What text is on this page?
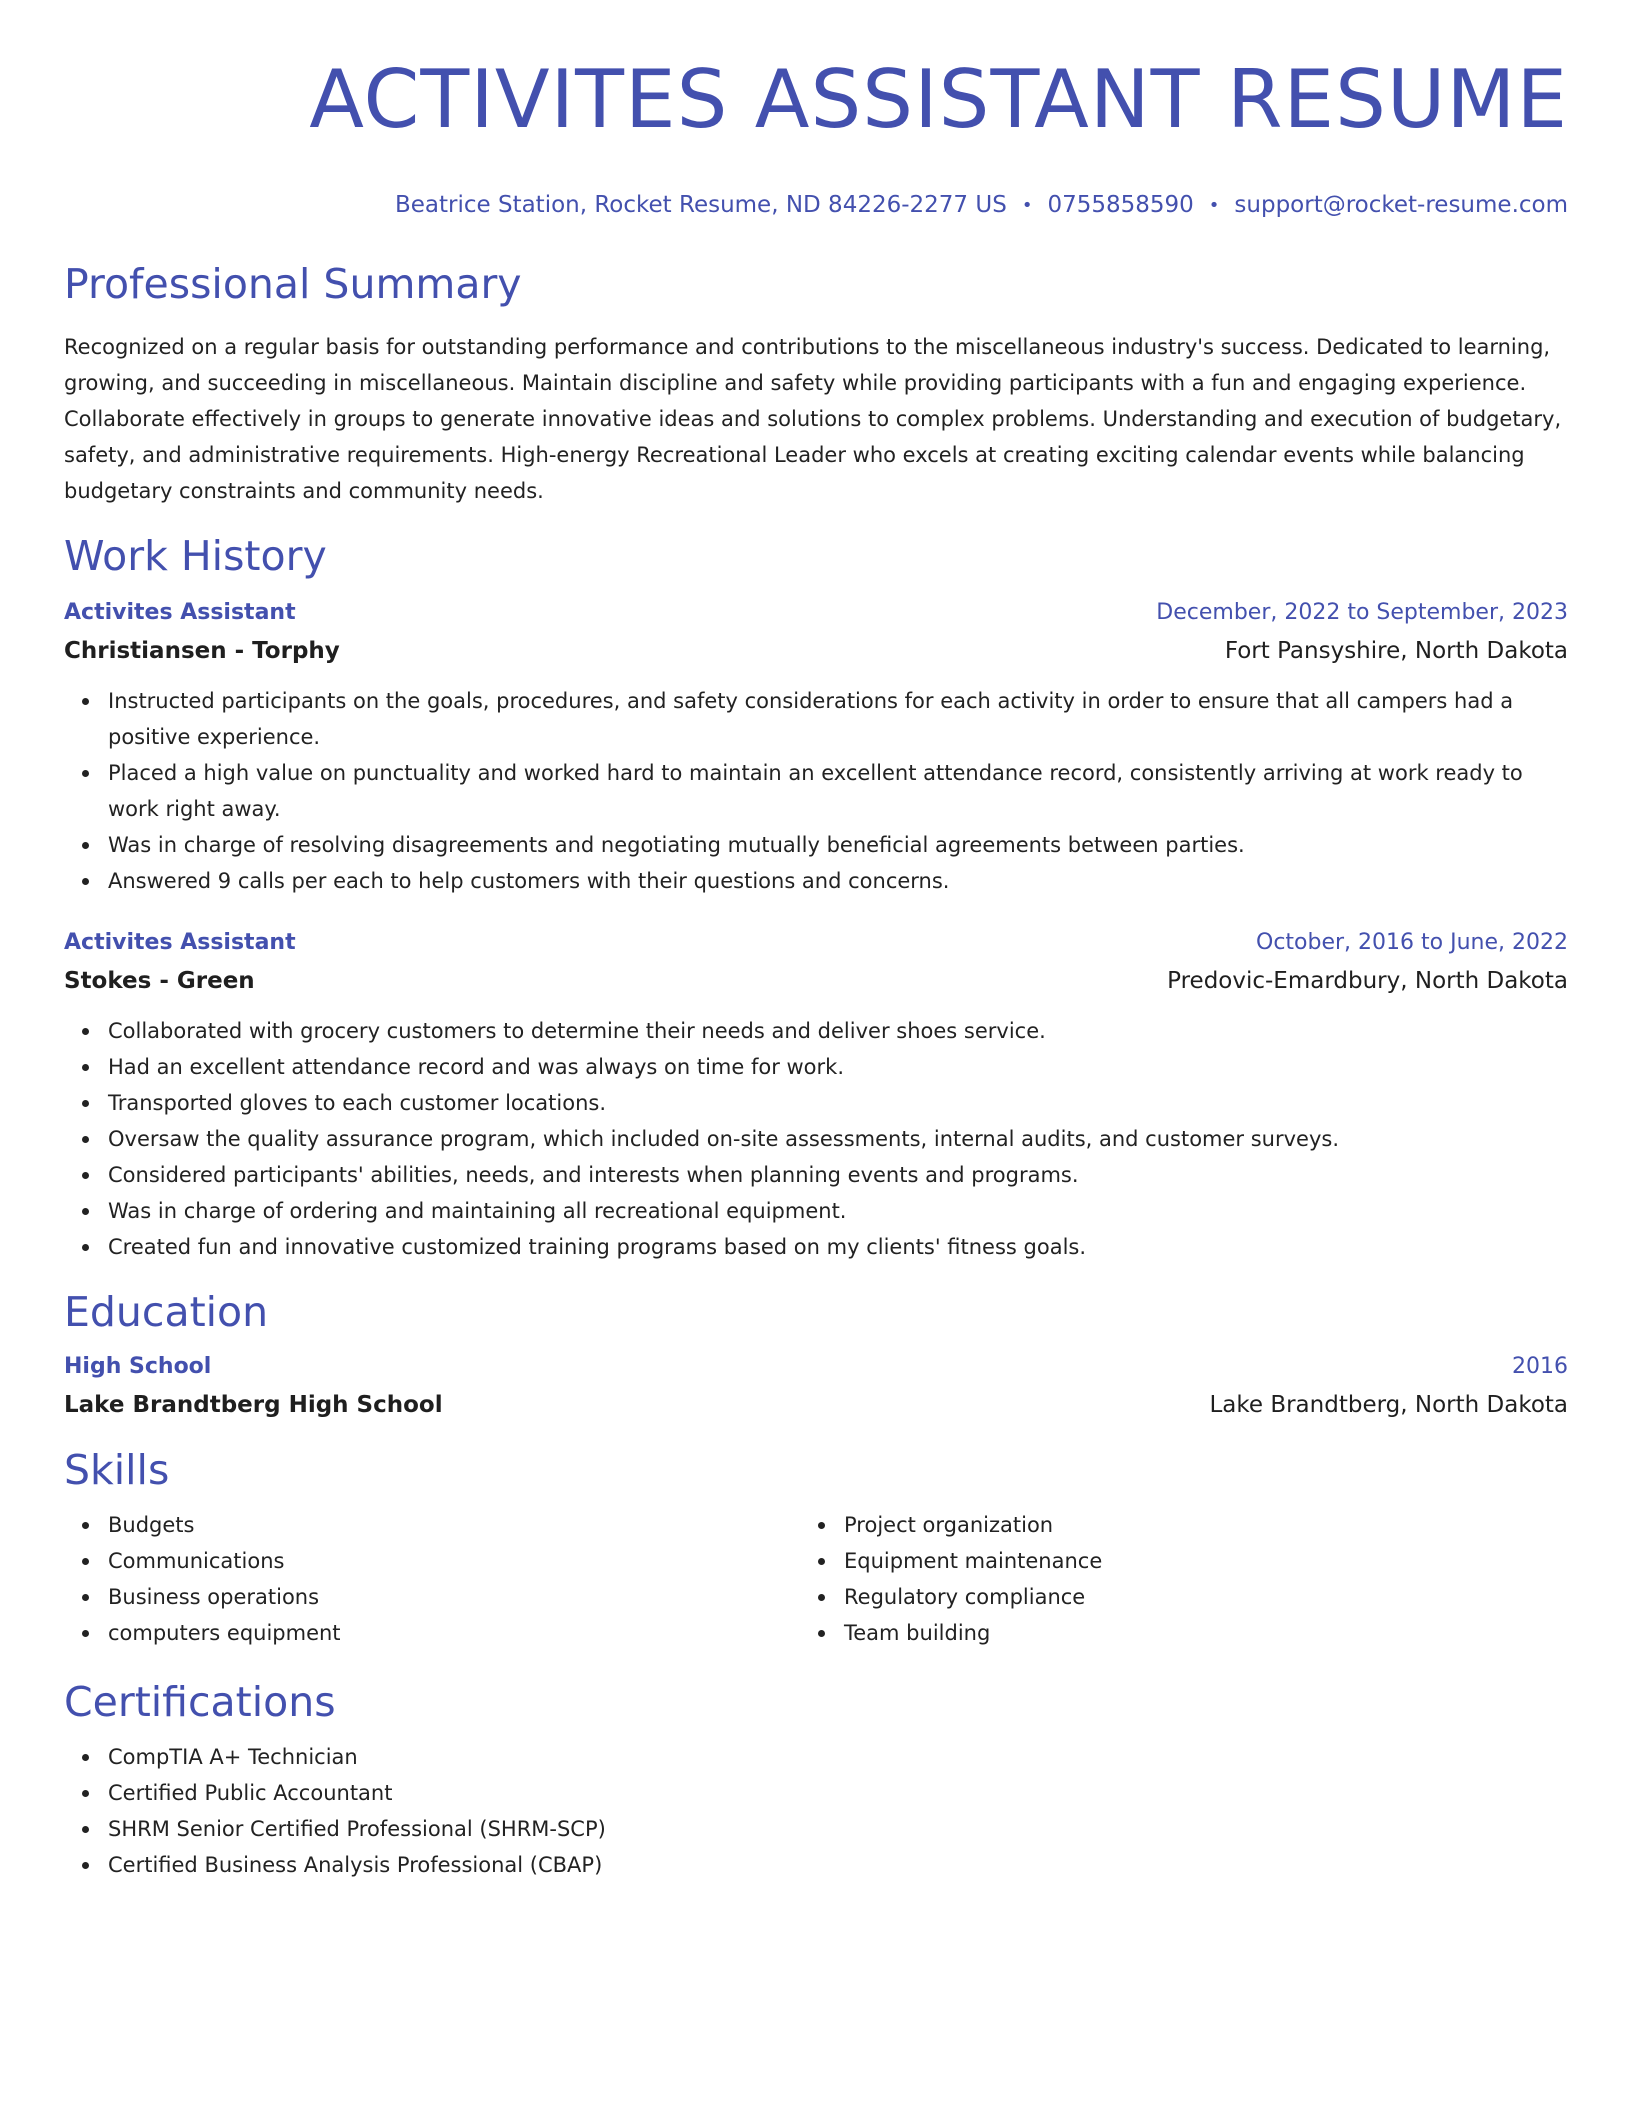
ACTIVITES ASSISTANT RESUME
Beatrice Station, Rocket Resume, ND 84226-2277 US • 0755858590 • support@rocket-resume.com
Professional Summary
Recognized on a regular basis for outstanding performance and contributions to the miscellaneous industry's success. Dedicated to learning, growing, and succeeding in miscellaneous. Maintain discipline and safety while providing participants with a fun and engaging experience. Collaborate effectively in groups to generate innovative ideas and solutions to complex problems. Understanding and execution of budgetary, safety, and administrative requirements. High-energy Recreational Leader who excels at creating exciting calendar events while balancing budgetary constraints and community needs.
Work History
Activites Assistant	December, 2022 to September, 2023
Christiansen - Torphy	Fort Pansyshire, North Dakota
Instructed participants on the goals, procedures, and safety considerations for each activity in order to ensure that all campers had a positive experience.
Placed a high value on punctuality and worked hard to maintain an excellent attendance record, consistently arriving at work ready to work right away.
Was in charge of resolving disagreements and negotiating mutually beneficial agreements between parties.
Answered 9 calls per each to help customers with their questions and concerns.
Activites Assistant	October, 2016 to June, 2022
Stokes - Green	Predovic-Emardbury, North Dakota
Collaborated with grocery customers to determine their needs and deliver shoes service.
Had an excellent attendance record and was always on time for work.
Transported gloves to each customer locations.
Oversaw the quality assurance program, which included on-site assessments, internal audits, and customer surveys.
Considered participants' abilities, needs, and interests when planning events and programs.
Was in charge of ordering and maintaining all recreational equipment.
Created fun and innovative customized training programs based on my clients' fitness goals.
Education
High School	2016
Lake Brandtberg High School	Lake Brandtberg, North Dakota
Skills
Budgets
Communications
Business operations
computers equipment
Project organization
Equipment maintenance
Regulatory compliance
Team building
Certifications
CompTIA A+ Technician
Certified Public Accountant
SHRM Senior Certified Professional (SHRM-SCP)
Certified Business Analysis Professional (CBAP)
